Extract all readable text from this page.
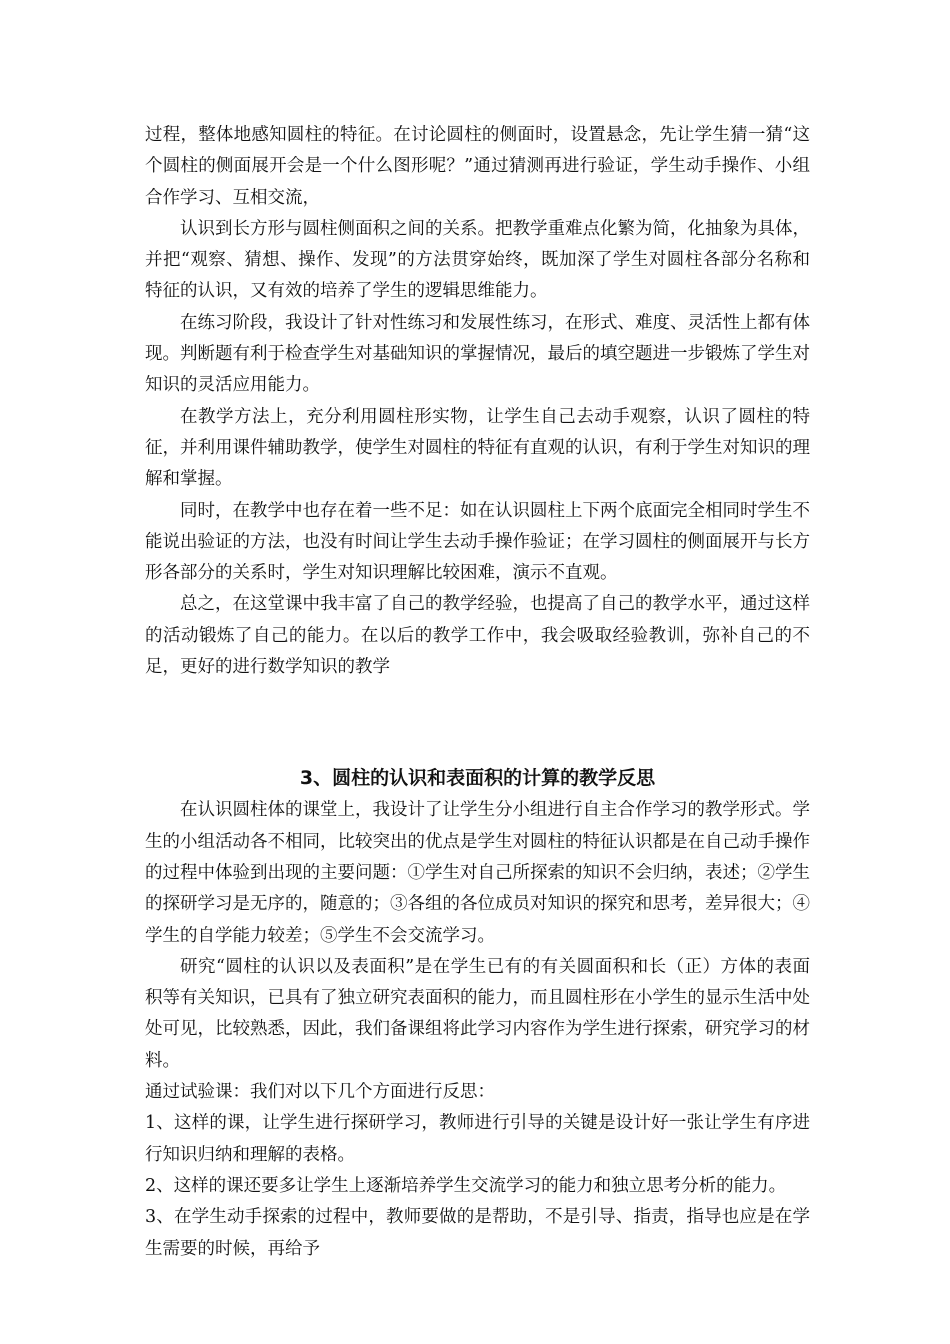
过程，整体地感知圆柱的特征。在讨论圆柱的侧面时，设置悬念，先让学生猜一猜“这个圆柱的侧面展开会是一个什么图形呢？”通过猜测再进行验证，学生动手操作、小组合作学习、互相交流，

认识到长方形与圆柱侧面积之间的关系。把教学重难点化繁为简，化抽象为具体，并把“观察、猜想、操作、发现”的方法贯穿始终，既加深了学生对圆柱各部分名称和特征的认识，又有效的培养了学生的逻辑思维能力。

在练习阶段，我设计了针对性练习和发展性练习，在形式、难度、灵活性上都有体现。判断题有利于检查学生对基础知识的掌握情况，最后的填空题进一步锻炼了学生对知识的灵活应用能力。

在教学方法上，充分利用圆柱形实物，让学生自己去动手观察，认识了圆柱的特征，并利用课件辅助教学，使学生对圆柱的特征有直观的认识，有利于学生对知识的理解和掌握。

同时，在教学中也存在着一些不足：如在认识圆柱上下两个底面完全相同时学生不能说出验证的方法，也没有时间让学生去动手操作验证；在学习圆柱的侧面展开与长方形各部分的关系时，学生对知识理解比较困难，演示不直观。

总之，在这堂课中我丰富了自己的教学经验，也提高了自己的教学水平，通过这样的活动锻炼了自己的能力。在以后的教学工作中，我会吸取经验教训，弥补自己的不足，更好的进行数学知识的教学

3、圆柱的认识和表面积的计算的教学反思

在认识圆柱体的课堂上，我设计了让学生分小组进行自主合作学习的教学形式。学生的小组活动各不相同，比较突出的优点是学生对圆柱的特征认识都是在自己动手操作的过程中体验到出现的主要问题：①学生对自己所探索的知识不会归纳，表述；②学生的探研学习是无序的，随意的；③各组的各位成员对知识的探究和思考，差异很大；④学生的自学能力较差；⑤学生不会交流学习。

研究“圆柱的认识以及表面积”是在学生已有的有关圆面积和长（正）方体的表面积等有关知识，已具有了独立研究表面积的能力，而且圆柱形在小学生的显示生活中处处可见，比较熟悉，因此，我们备课组将此学习内容作为学生进行探索，研究学习的材料。

通过试验课：我们对以下几个方面进行反思：

1、这样的课，让学生进行探研学习，教师进行引导的关键是设计好一张让学生有序进行知识归纳和理解的表格。

2、这样的课还要多让学生上逐渐培养学生交流学习的能力和独立思考分析的能力。

3、在学生动手探索的过程中，教师要做的是帮助，不是引导、指责，指导也应是在学生需要的时候，再给予
